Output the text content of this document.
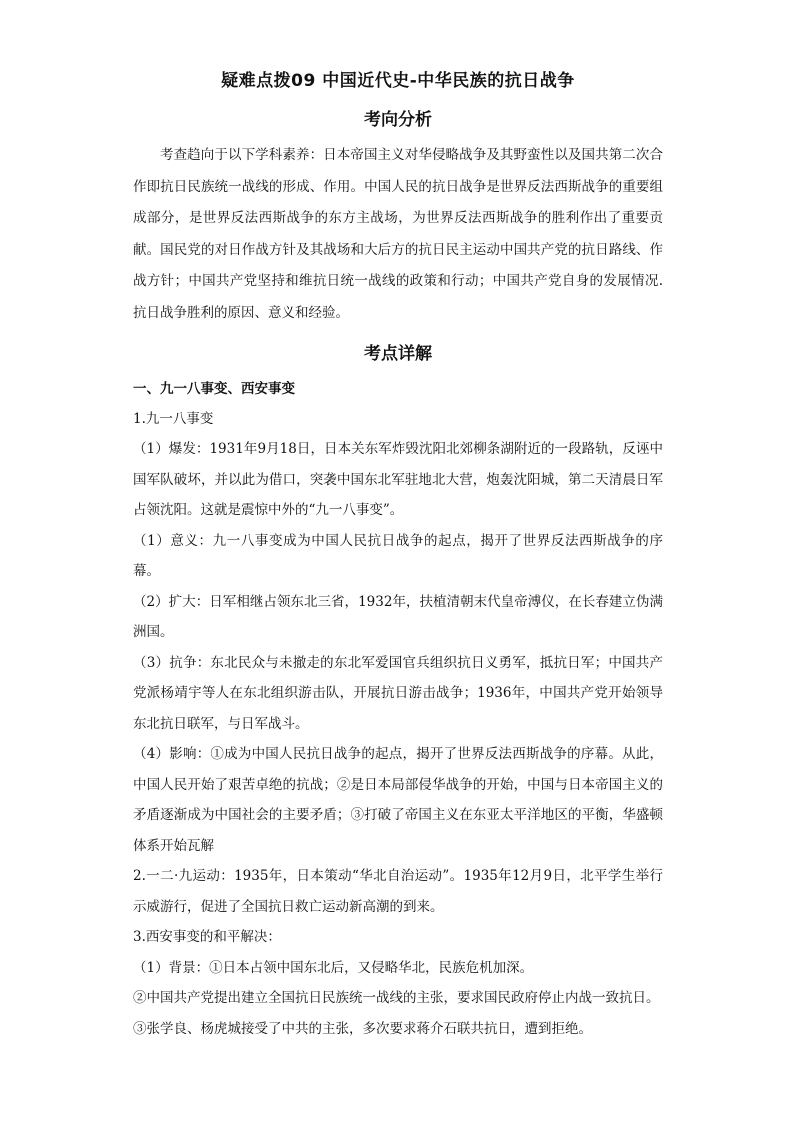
疑难点拨09 中国近代史-中华民族的抗日战争
考向分析

考查趋向于以下学科素养：日本帝国主义对华侵略战争及其野蛮性以及国共第二次合作即抗日民族统一战线的形成、作用。中国人民的抗日战争是世界反法西斯战争的重要组成部分，是世界反法西斯战争的东方主战场，为世界反法西斯战争的胜利作出了重要贡献。国民党的对日作战方针及其战场和大后方的抗日民主运动中国共产党的抗日路线、作战方针；中国共产党坚持和维抗日统一战线的政策和行动；中国共产党自身的发展情况.抗日战争胜利的原因、意义和经验。

考点详解

一、九一八事变、西安事变

1.九一八事变

（1）爆发：1931年9月18日，日本关东军炸毁沈阳北郊柳条湖附近的一段路轨，反诬中国军队破坏，并以此为借口，突袭中国东北军驻地北大营，炮轰沈阳城，第二天清晨日军占领沈阳。这就是震惊中外的“九一八事变”。

（1）意义：九一八事变成为中国人民抗日战争的起点，揭开了世界反法西斯战争的序幕。

（2）扩大：日军相继占领东北三省，1932年，扶植清朝末代皇帝溥仪，在长春建立伪满洲国。

（3）抗争：东北民众与未撤走的东北军爱国官兵组织抗日义勇军，抵抗日军；中国共产党派杨靖宇等人在东北组织游击队，开展抗日游击战争；1936年，中国共产党开始领导东北抗日联军，与日军战斗。

（4）影响：①成为中国人民抗日战争的起点，揭开了世界反法西斯战争的序幕。从此，中国人民开始了艰苦卓绝的抗战；②是日本局部侵华战争的开始，中国与日本帝国主义的矛盾逐渐成为中国社会的主要矛盾；③打破了帝国主义在东亚太平洋地区的平衡，华盛顿体系开始瓦解

2.一二·九运动：1935年，日本策动“华北自治运动”。1935年12月9日，北平学生举行示威游行，促进了全国抗日救亡运动新高潮的到来。

3.西安事变的和平解决：

（1）背景：①日本占领中国东北后，又侵略华北，民族危机加深。

②中国共产党提出建立全国抗日民族统一战线的主张，要求国民政府停止内战一致抗日。

③张学良、杨虎城接受了中共的主张，多次要求蒋介石联共抗日，遭到拒绝。
